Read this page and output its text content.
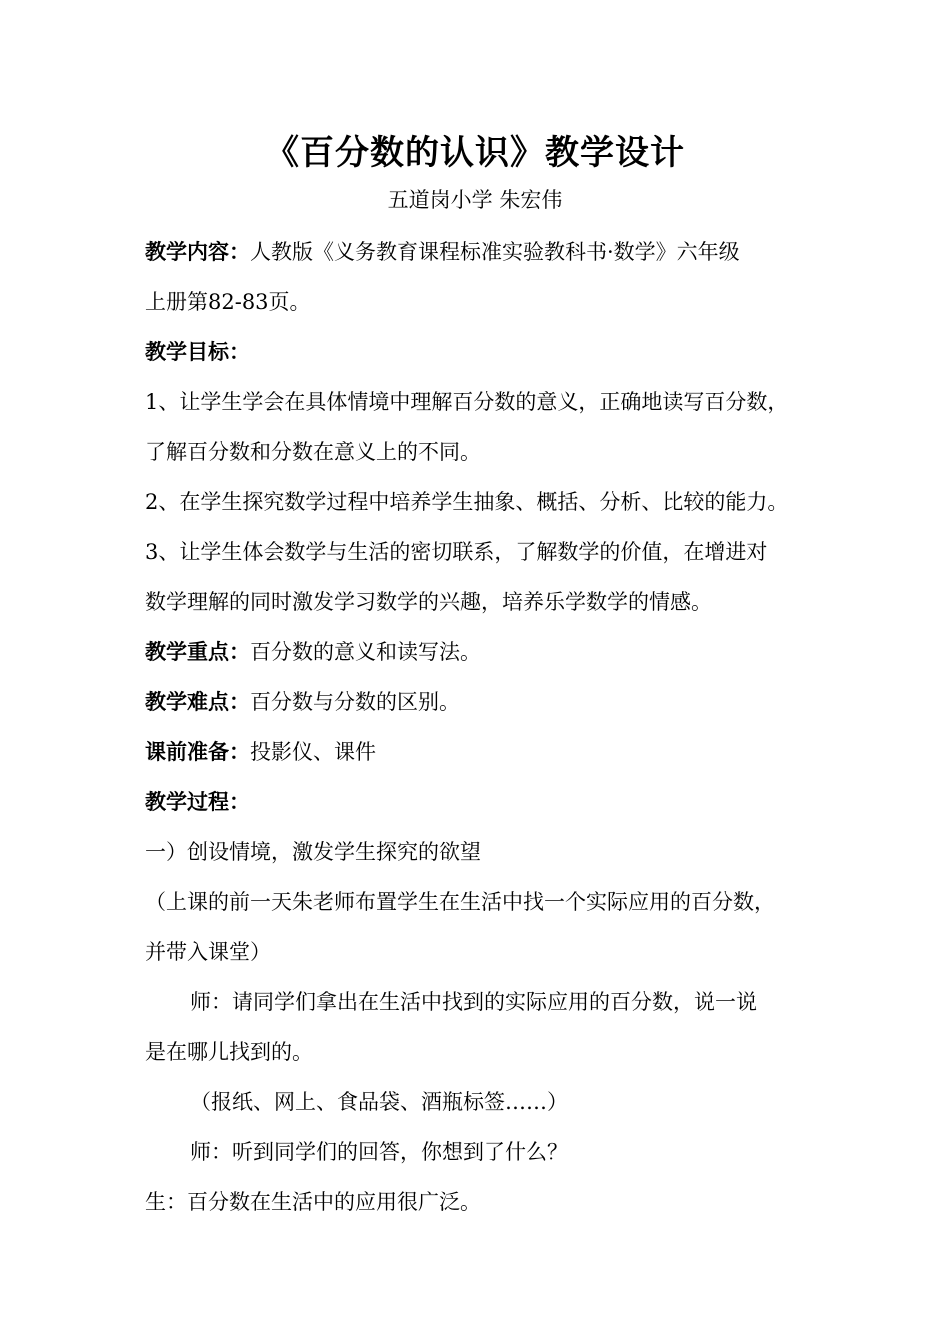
《百分数的认识》教学设计
五道岗小学 朱宏伟
教学内容：人教版《义务教育课程标准实验教科书·数学》六年级
上册第82-83页。
教学目标：
1、让学生学会在具体情境中理解百分数的意义，正确地读写百分数，
了解百分数和分数在意义上的不同。
2、在学生探究数学过程中培养学生抽象、概括、分析、比较的能力。
3、让学生体会数学与生活的密切联系，了解数学的价值，在增进对
数学理解的同时激发学习数学的兴趣，培养乐学数学的情感。
教学重点：百分数的意义和读写法。
教学难点：百分数与分数的区别。
课前准备：投影仪、课件
教学过程：
一）创设情境，激发学生探究的欲望
（上课的前一天朱老师布置学生在生活中找一个实际应用的百分数，
并带入课堂）
师：请同学们拿出在生活中找到的实际应用的百分数，说一说
是在哪儿找到的。
（报纸、网上、食品袋、酒瓶标签……）
师：听到同学们的回答，你想到了什么？
生：百分数在生活中的应用很广泛。
